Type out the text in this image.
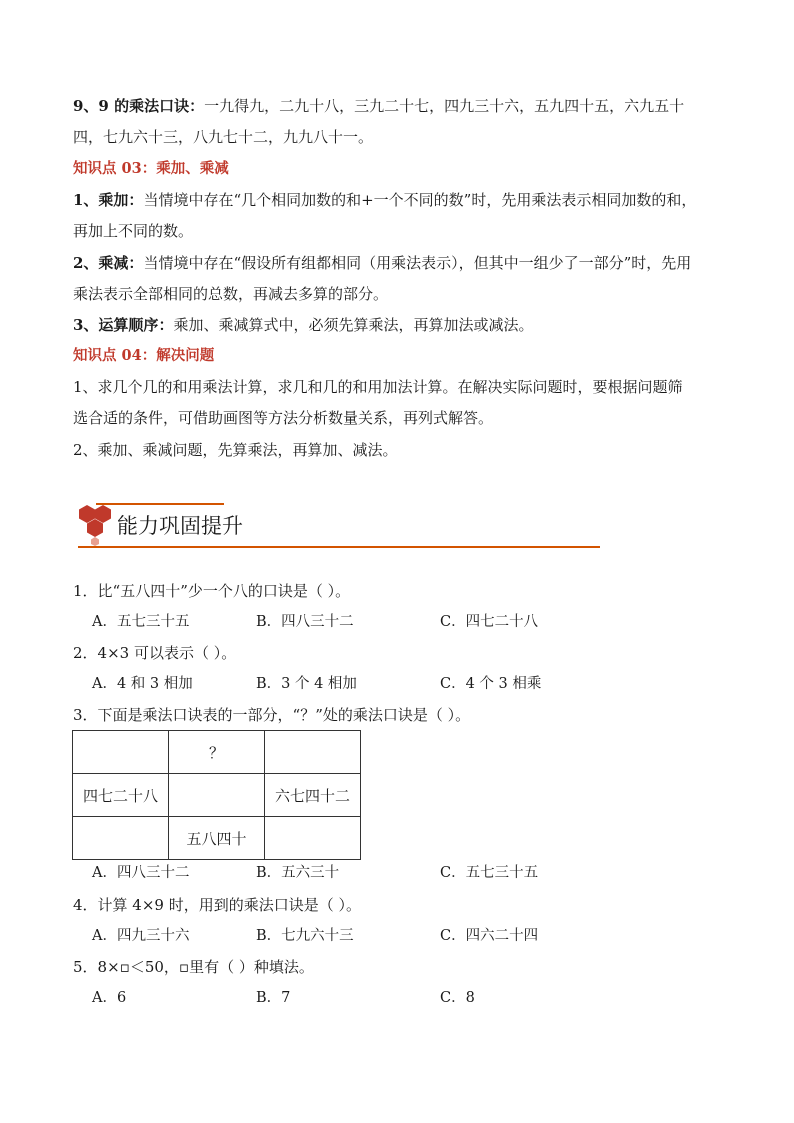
9、9 的乘法口诀：一九得九，二九十八，三九二十七，四九三十六，五九四十五，六九五十
四，七九六十三，八九七十二，九九八十一。
知识点 03：乘加、乘减
1、乘加：当情境中存在“几个相同加数的和+一个不同的数”时，先用乘法表示相同加数的和，
再加上不同的数。
2、乘减：当情境中存在“假设所有组都相同（用乘法表示），但其中一组少了一部分”时，先用
乘法表示全部相同的总数，再减去多算的部分。
3、运算顺序：乘加、乘减算式中，必须先算乘法，再算加法或减法。
知识点 04：解决问题
1、求几个几的和用乘法计算，求几和几的和用加法计算。在解决实际问题时，要根据问题筛
选合适的条件，可借助画图等方法分析数量关系，再列式解答。
2、乘加、乘减问题，先算乘法，再算加、减法。
能力巩固提升
1．比“五八四十”少一个八的口诀是（ ）。
A．五七三十五	B．四八三十二	C．四七二十八
2．4×3 可以表示（ ）。
A．4 和 3 相加	B．3 个 4 相加	C．4 个 3 相乘
3．下面是乘法口诀表的一部分，“？”处的乘法口诀是（ ）。
	？	
四七二十八		六七四十二
	五八四十	
A．四八三十二	B．五六三十	C．五七三十五
4．计算 4×9 时，用到的乘法口诀是（ ）。
A．四九三十六	B．七九六十三	C．四六二十四
5．8×▫＜50，▫里有（ ）种填法。
A．6	B．7	C．8
